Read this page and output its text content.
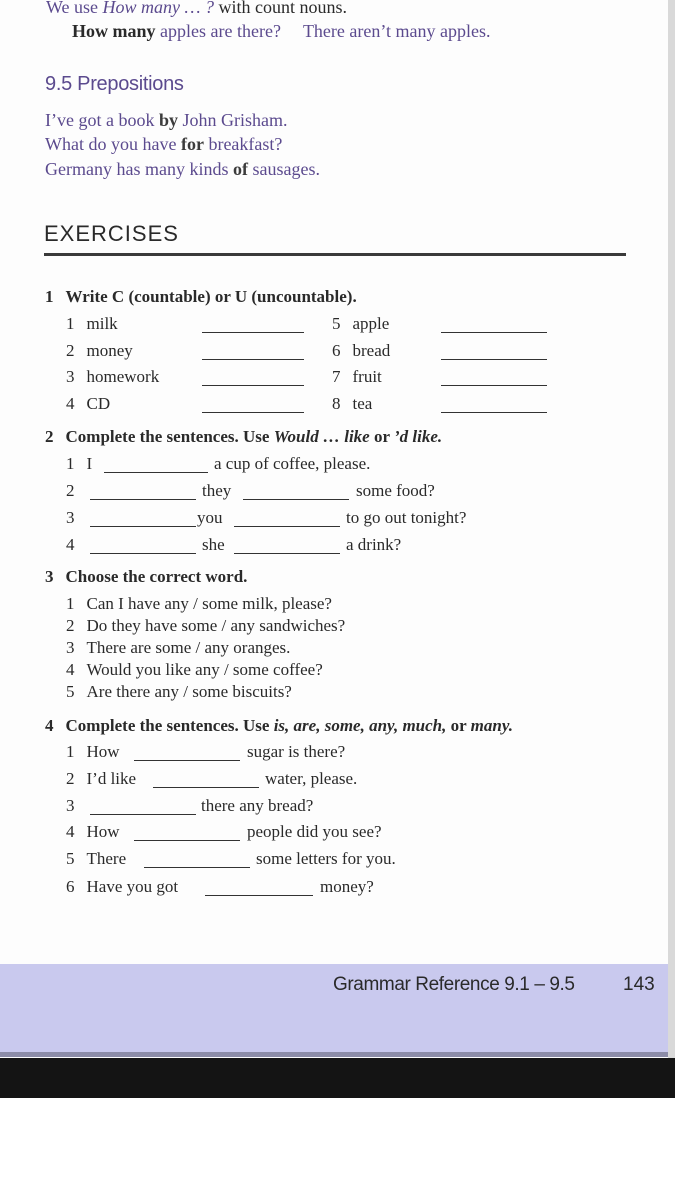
We use How many … ? with count nouns.
How many apples are there? There aren’t many apples.
9.5 Prepositions
I’ve got a book by John Grisham.
What do you have for breakfast?
Germany has many kinds of sausages.
EXERCISES
1 Write C (countable) or U (uncountable).
1 milk
2 money
3 homework
4 CD
5 apple
6 bread
7 fruit
8 tea
2 Complete the sentences. Use Would … like or ’d like.
1 I	a cup of coffee, please.
2	they	some food?
3	you	to go out tonight?
4	she	a drink?
3 Choose the correct word.
1 Can I have any / some milk, please?
2 Do they have some / any sandwiches?
3 There are some / any oranges.
4 Would you like any / some coffee?
5 Are there any / some biscuits?
4 Complete the sentences. Use is, are, some, any, much, or many.
1 How	sugar is there?
2 I’d like	water, please.
3	there any bread?
4 How	people did you see?
5 There	some letters for you.
6 Have you got	money?
Grammar Reference 9.1 – 9.5	143
